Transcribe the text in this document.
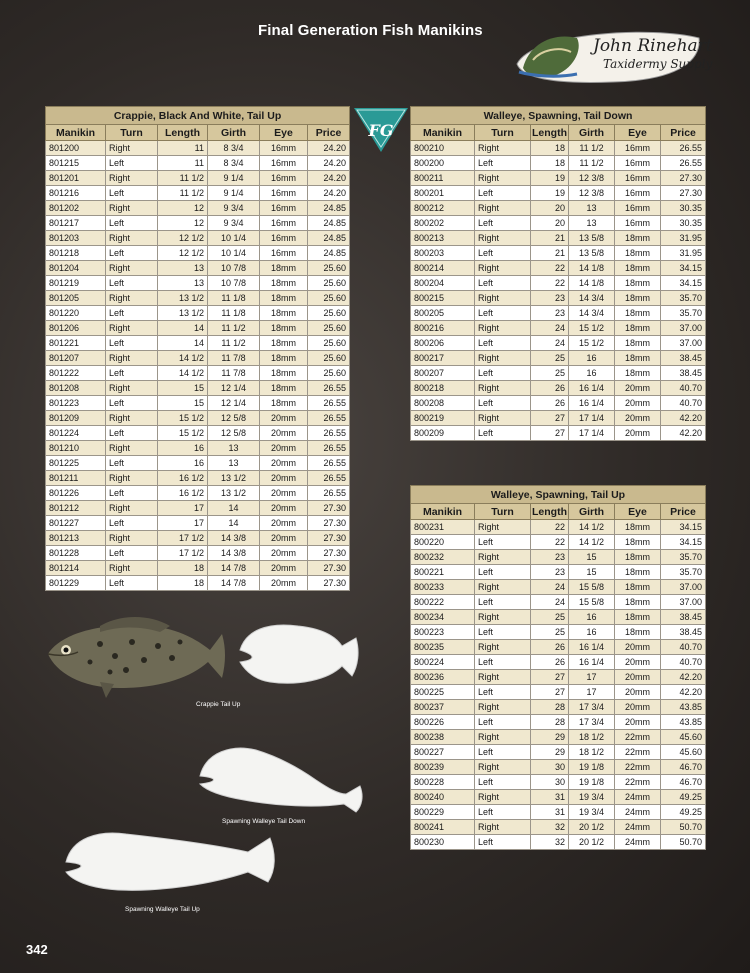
Final Generation Fish Manikins
John Rinehart
Taxidermy Supply
FG
Crappie, Black And White, Tail Up					
Manikin	Turn	Length	Girth	Eye	Price
801200	Right	11	8 3/4	16mm	24.20
801215	Left	11	8 3/4	16mm	24.20
801201	Right	11 1/2	9 1/4	16mm	24.20
801216	Left	11 1/2	9 1/4	16mm	24.20
801202	Right	12	9 3/4	16mm	24.85
801217	Left	12	9 3/4	16mm	24.85
801203	Right	12 1/2	10 1/4	16mm	24.85
801218	Left	12 1/2	10 1/4	16mm	24.85
801204	Right	13	10 7/8	18mm	25.60
801219	Left	13	10 7/8	18mm	25.60
801205	Right	13 1/2	11 1/8	18mm	25.60
801220	Left	13 1/2	11 1/8	18mm	25.60
801206	Right	14	11 1/2	18mm	25.60
801221	Left	14	11 1/2	18mm	25.60
801207	Right	14 1/2	11 7/8	18mm	25.60
801222	Left	14 1/2	11 7/8	18mm	25.60
801208	Right	15	12 1/4	18mm	26.55
801223	Left	15	12 1/4	18mm	26.55
801209	Right	15 1/2	12 5/8	20mm	26.55
801224	Left	15 1/2	12 5/8	20mm	26.55
801210	Right	16	13	20mm	26.55
801225	Left	16	13	20mm	26.55
801211	Right	16 1/2	13 1/2	20mm	26.55
801226	Left	16 1/2	13 1/2	20mm	26.55
801212	Right	17	14	20mm	27.30
801227	Left	17	14	20mm	27.30
801213	Right	17 1/2	14 3/8	20mm	27.30
801228	Left	17 1/2	14 3/8	20mm	27.30
801214	Right	18	14 7/8	20mm	27.30
801229	Left	18	14 7/8	20mm	27.30
Walleye, Spawning, Tail Down					
Manikin	Turn	Length	Girth	Eye	Price
800210	Right	18	11 1/2	16mm	26.55
800200	Left	18	11 1/2	16mm	26.55
800211	Right	19	12 3/8	16mm	27.30
800201	Left	19	12 3/8	16mm	27.30
800212	Right	20	13	16mm	30.35
800202	Left	20	13	16mm	30.35
800213	Right	21	13 5/8	18mm	31.95
800203	Left	21	13 5/8	18mm	31.95
800214	Right	22	14 1/8	18mm	34.15
800204	Left	22	14 1/8	18mm	34.15
800215	Right	23	14 3/4	18mm	35.70
800205	Left	23	14 3/4	18mm	35.70
800216	Right	24	15 1/2	18mm	37.00
800206	Left	24	15 1/2	18mm	37.00
800217	Right	25	16	18mm	38.45
800207	Left	25	16	18mm	38.45
800218	Right	26	16 1/4	20mm	40.70
800208	Left	26	16 1/4	20mm	40.70
800219	Right	27	17 1/4	20mm	42.20
800209	Left	27	17 1/4	20mm	42.20
Walleye, Spawning, Tail Up					
Manikin	Turn	Length	Girth	Eye	Price
800231	Right	22	14 1/2	18mm	34.15
800220	Left	22	14 1/2	18mm	34.15
800232	Right	23	15	18mm	35.70
800221	Left	23	15	18mm	35.70
800233	Right	24	15 5/8	18mm	37.00
800222	Left	24	15 5/8	18mm	37.00
800234	Right	25	16	18mm	38.45
800223	Left	25	16	18mm	38.45
800235	Right	26	16 1/4	20mm	40.70
800224	Left	26	16 1/4	20mm	40.70
800236	Right	27	17	20mm	42.20
800225	Left	27	17	20mm	42.20
800237	Right	28	17 3/4	20mm	43.85
800226	Left	28	17 3/4	20mm	43.85
800238	Right	29	18 1/2	22mm	45.60
800227	Left	29	18 1/2	22mm	45.60
800239	Right	30	19 1/8	22mm	46.70
800228	Left	30	19 1/8	22mm	46.70
800240	Right	31	19 3/4	24mm	49.25
800229	Left	31	19 3/4	24mm	49.25
800241	Right	32	20 1/2	24mm	50.70
800230	Left	32	20 1/2	24mm	50.70
Crappie Tail Up
Spawning Walleye Tail Down
Spawning Walleye Tail Up
342
